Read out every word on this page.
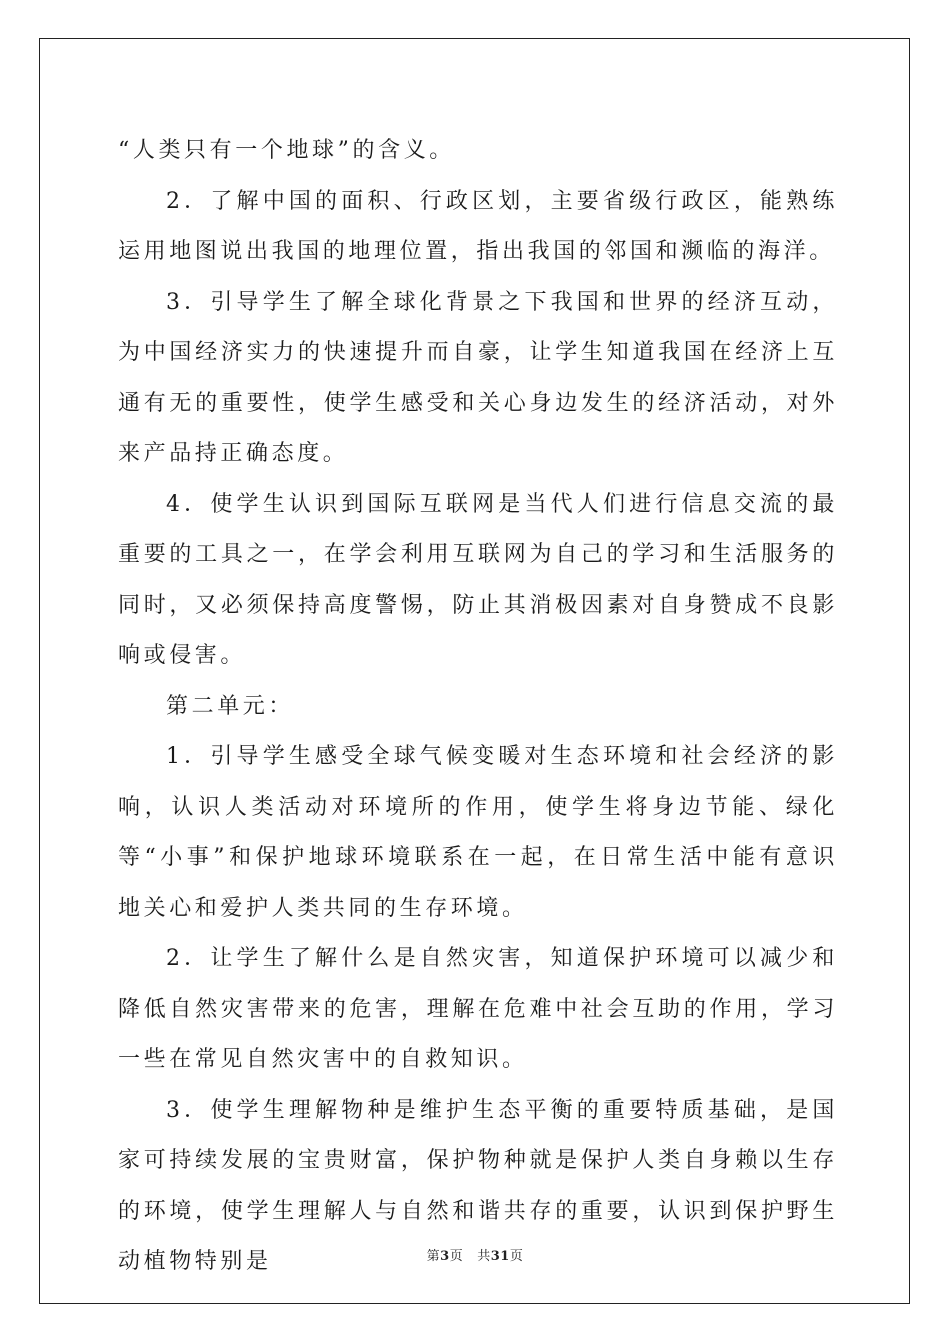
“人类只有一个地球”的含义。

2．了解中国的面积、行政区划，主要省级行政区，能熟练运用地图说出我国的地理位置，指出我国的邻国和濒临的海洋。

3．引导学生了解全球化背景之下我国和世界的经济互动，为中国经济实力的快速提升而自豪，让学生知道我国在经济上互通有无的重要性，使学生感受和关心身边发生的经济活动，对外来产品持正确态度。

4．使学生认识到国际互联网是当代人们进行信息交流的最重要的工具之一，在学会利用互联网为自己的学习和生活服务的同时，又必须保持高度警惕，防止其消极因素对自身赞成不良影响或侵害。

第二单元：

1．引导学生感受全球气候变暖对生态环境和社会经济的影响，认识人类活动对环境所的作用，使学生将身边节能、绿化等“小事”和保护地球环境联系在一起，在日常生活中能有意识地关心和爱护人类共同的生存环境。

2．让学生了解什么是自然灾害，知道保护环境可以减少和降低自然灾害带来的危害，理解在危难中社会互助的作用，学习一些在常见自然灾害中的自救知识。

3．使学生理解物种是维护生态平衡的重要特质基础，是国家可持续发展的宝贵财富，保护物种就是保护人类自身赖以生存的环境，使学生理解人与自然和谐共存的重要，认识到保护野生动植物特别是	第3页 共31页
